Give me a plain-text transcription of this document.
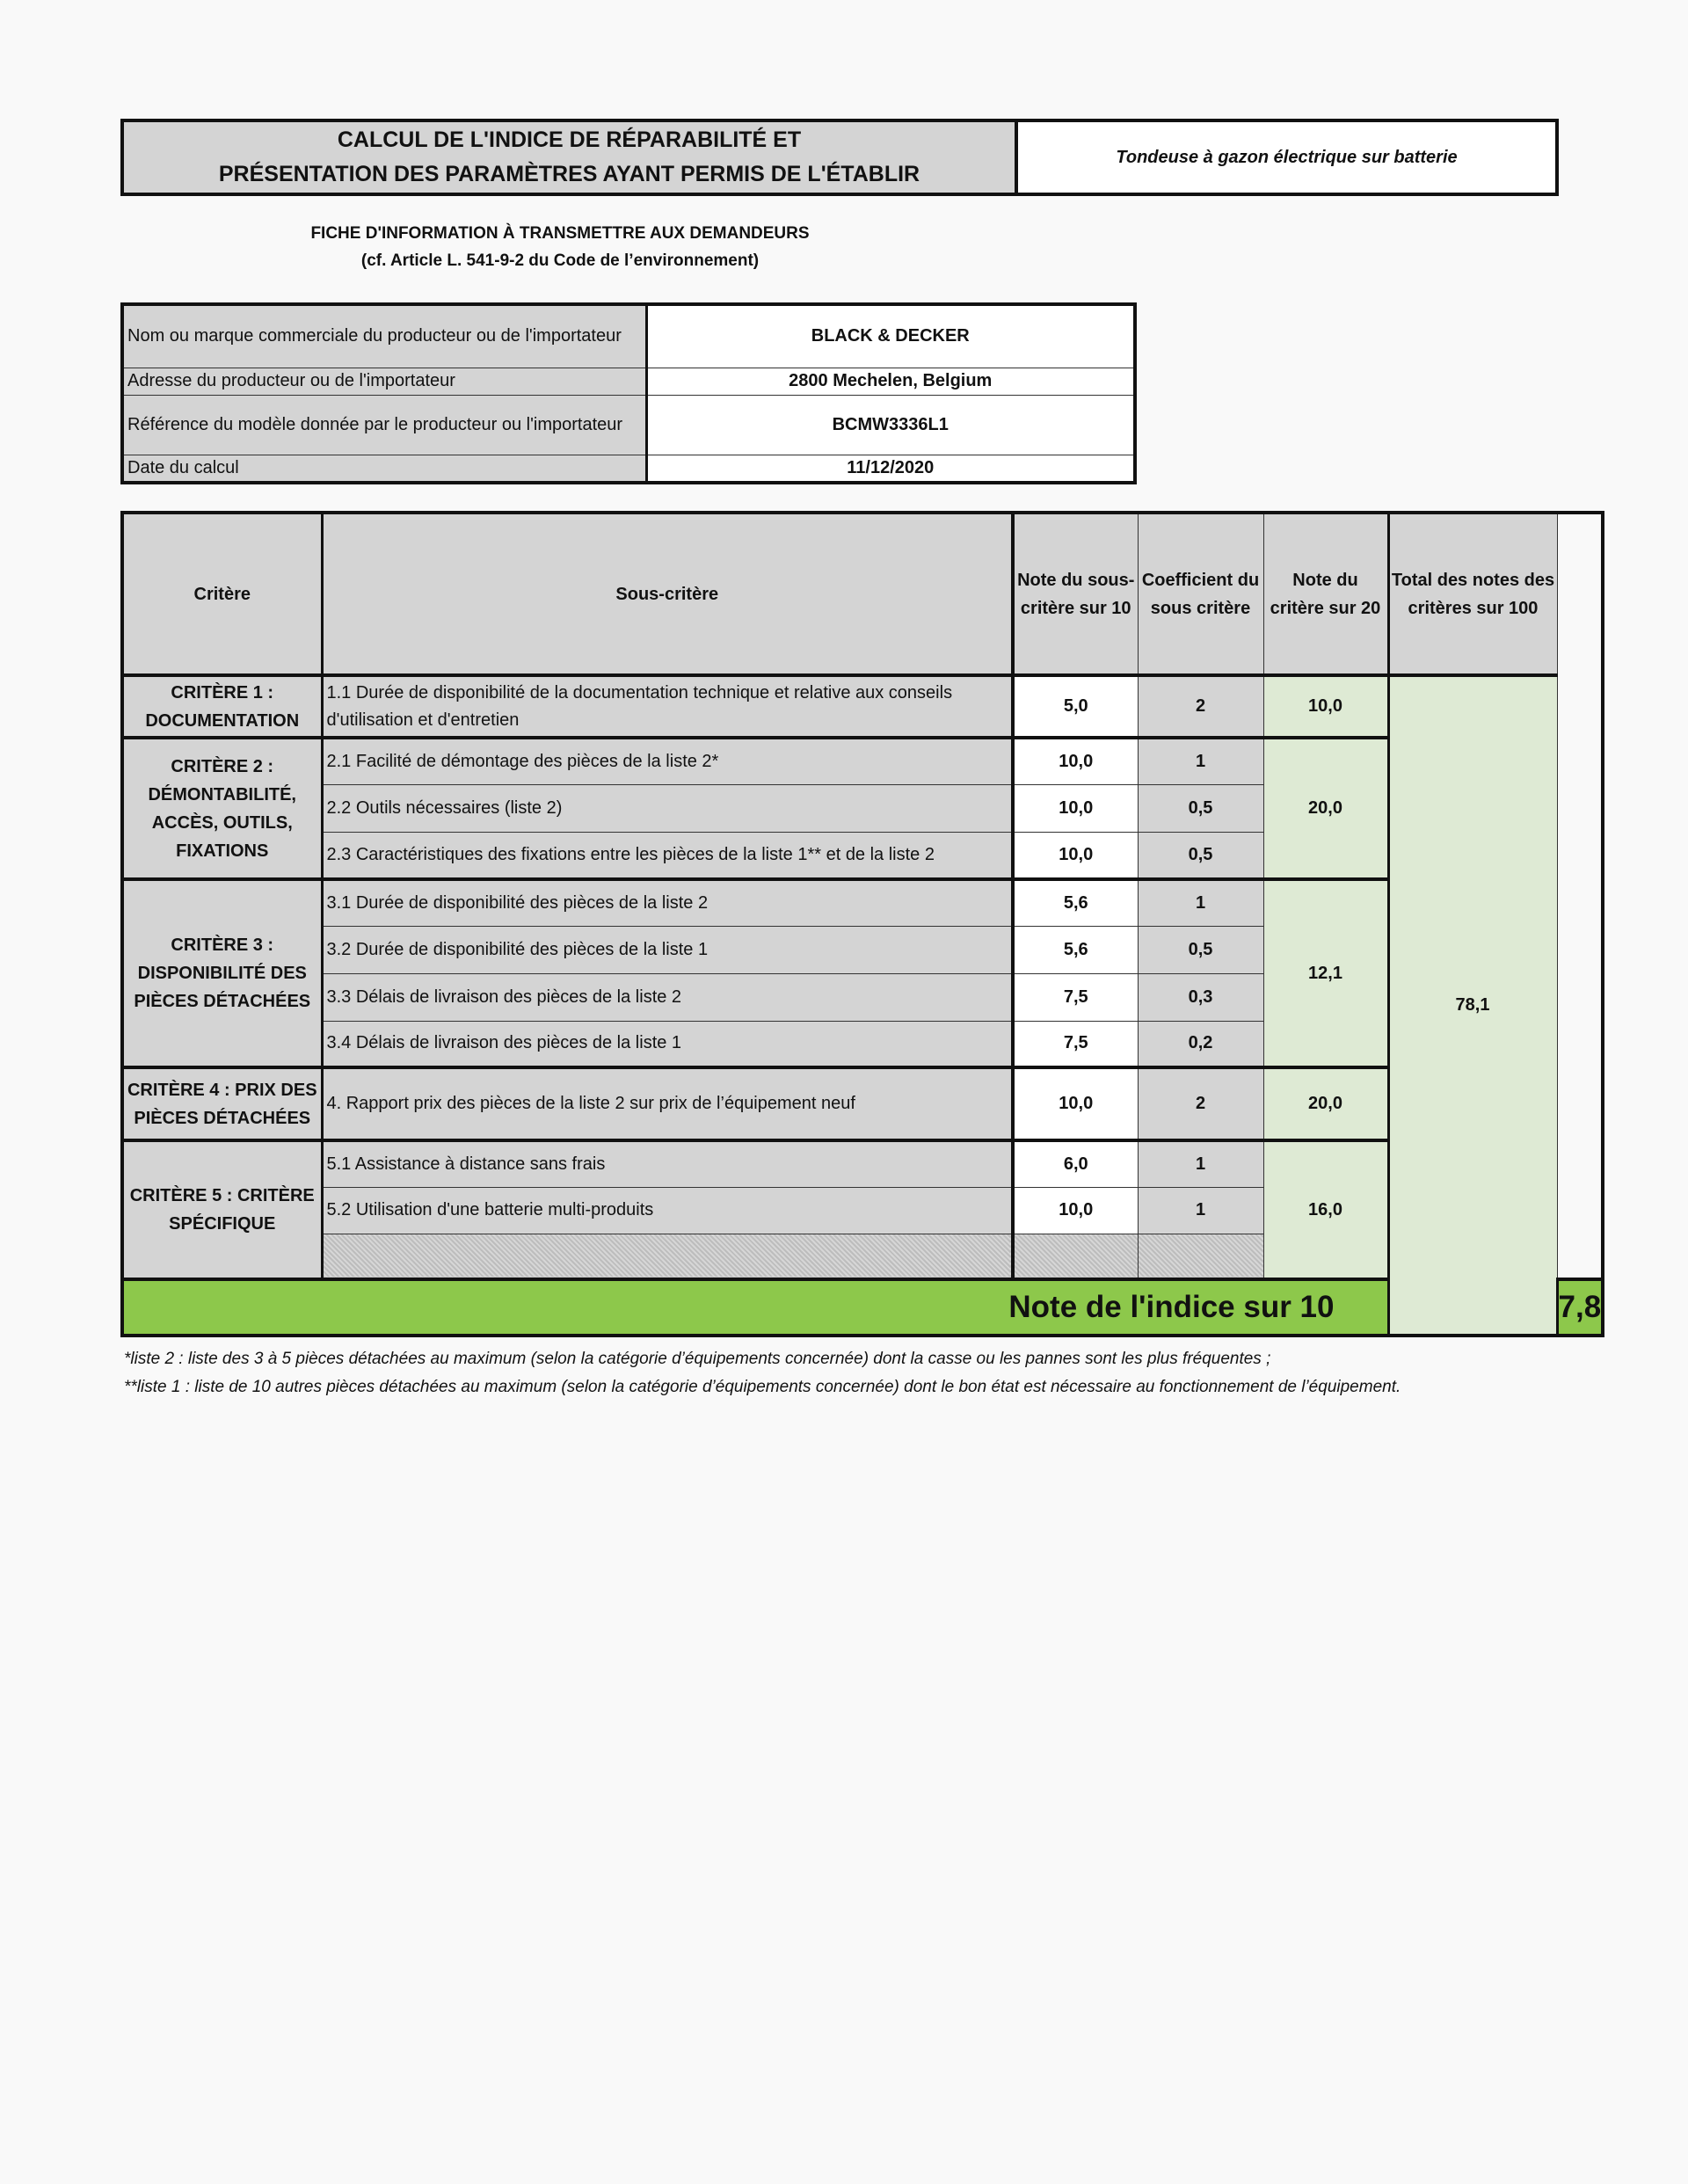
CALCUL DE L'INDICE DE RÉPARABILITÉ ET
PRÉSENTATION DES PARAMÈTRES AYANT PERMIS DE L'ÉTABLIR
Tondeuse à gazon électrique sur batterie
FICHE D'INFORMATION À TRANSMETTRE AUX DEMANDEURS
(cf. Article L. 541-9-2 du Code de l’environnement)
Nom ou marque commerciale du producteur ou de l'importateur	BLACK & DECKER
Adresse du producteur ou de l'importateur	2800 Mechelen, Belgium
Référence du modèle donnée par le producteur ou l'importateur	BCMW3336L1
Date du calcul	11/12/2020
Critère	Sous-critère	Note du sous-critère sur 10	Coefficient du sous critère	Note du critère sur 20	Total des notes des critères sur 100	
CRITÈRE 1 : DOCUMENTATION	1.1 Durée de disponibilité de la documentation technique et relative aux conseils d'utilisation et d'entretien	5,0	2	10,0	78,1	
CRITÈRE 2 : DÉMONTABILITÉ, ACCÈS, OUTILS, FIXATIONS	2.1 Facilité de démontage des pièces de la liste 2*	10,0	1	20,0		
	2.2 Outils nécessaires (liste 2)	10,0	0,5			
	2.3 Caractéristiques des fixations entre les pièces de la liste 1** et de la liste 2	10,0	0,5			
CRITÈRE 3 : DISPONIBILITÉ DES PIÈCES DÉTACHÉES	3.1 Durée de disponibilité des pièces de la liste 2	5,6	1	12,1		
	3.2 Durée de disponibilité des pièces de la liste 1	5,6	0,5			
	3.3 Délais de livraison des pièces de la liste 2	7,5	0,3			
	3.4 Délais de livraison des pièces de la liste 1	7,5	0,2			
CRITÈRE 4 : PRIX DES PIÈCES DÉTACHÉES	4. Rapport prix des pièces de la liste 2 sur prix de l’équipement neuf	10,0	2	20,0		
CRITÈRE 5 : CRITÈRE SPÉCIFIQUE	5.1 Assistance à distance sans frais	6,0	1	16,0		
	5.2 Utilisation d'une batterie multi-produits	10,0	1			

Note de l'indice sur 10						7,8
*liste 2 : liste des 3 à 5 pièces détachées au maximum (selon la catégorie d’équipements concernée) dont la casse ou les pannes sont les plus fréquentes ;
**liste 1 : liste de 10 autres pièces détachées au maximum (selon la catégorie d’équipements concernée) dont le bon état est nécessaire au fonctionnement de l’équipement.
